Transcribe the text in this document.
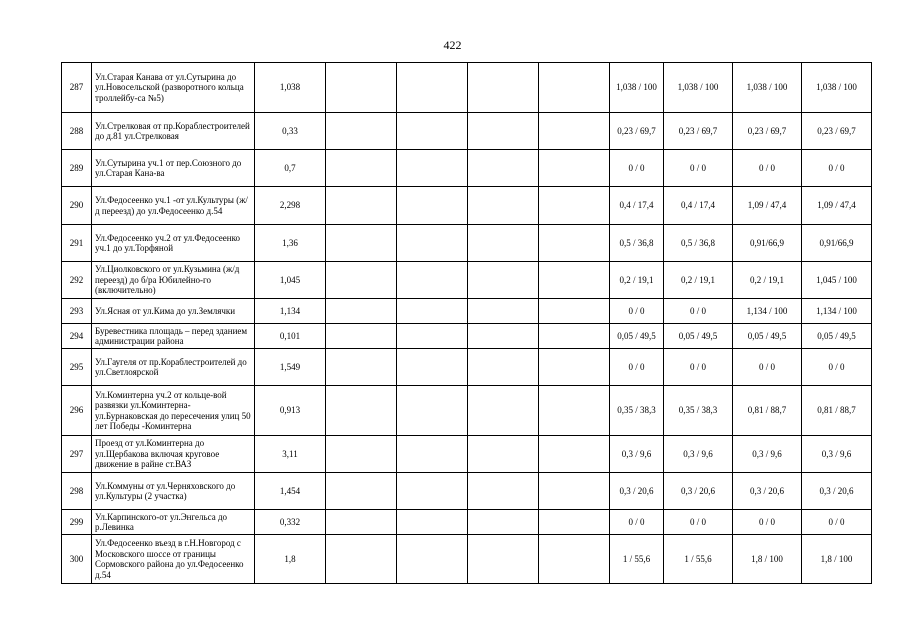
422
287	Ул.Старая Канава от ул.Сутырина до ул.Новосельской (разворотного кольца троллейбу-са №5)	1,038					1,038 / 100	1,038 / 100	1,038 / 100	1,038 / 100
288	Ул.Стрелковая от пр.Кораблестроителей до д.81 ул.Стрелковая	0,33					0,23 / 69,7	0,23 / 69,7	0,23 / 69,7	0,23 / 69,7
289	Ул.Сутырина уч.1 от пер.Союзного до ул.Старая Кана-ва	0,7					0 / 0	0 / 0	0 / 0	0 / 0
290	Ул.Федосеенко уч.1 -от ул.Культуры (ж/д переезд) до ул.Федосеенко д.54	2,298					0,4 / 17,4	0,4 / 17,4	1,09 / 47,4	1,09 / 47,4
291	Ул.Федосеенко уч.2 от ул.Федосеенко уч.1 до ул.Торфяной	1,36					0,5 / 36,8	0,5 / 36,8	0,91/66,9	0,91/66,9
292	Ул.Циолковского от ул.Кузьмина (ж/д переезд) до б/ра Юбилейно-го (включительно)	1,045					0,2 / 19,1	0,2 / 19,1	0,2 / 19,1	1,045 / 100
293	Ул.Ясная от ул.Кима до ул.Землячки	1,134					0 / 0	0 / 0	1,134 / 100	1,134 / 100
294	Буревестника площадь – перед зданием администрации района	0,101					0,05 / 49,5	0,05 / 49,5	0,05 / 49,5	0,05 / 49,5
295	Ул.Гаугеля от пр.Кораблестроителей до ул.Светлоярской	1,549					0 / 0	0 / 0	0 / 0	0 / 0
296	Ул.Коминтерна уч.2 от кольце-вой развязки ул.Коминтерна-ул.Бурнаковская до пересечения улиц 50 лет Победы -Коминтерна	0,913					0,35 / 38,3	0,35 / 38,3	0,81 / 88,7	0,81 / 88,7
297	Проезд от ул.Коминтерна до ул.Щербакова включая круговое движение в райне ст.ВАЗ	3,11					0,3 / 9,6	0,3 / 9,6	0,3 / 9,6	0,3 / 9,6
298	Ул.Коммуны от ул.Черняховского до ул.Культуры (2 участка)	1,454					0,3 / 20,6	0,3 / 20,6	0,3 / 20,6	0,3 / 20,6
299	Ул.Карпинского-от ул.Энгельса до р.Левинка	0,332					0 / 0	0 / 0	0 / 0	0 / 0
300	Ул.Федосеенко въезд в г.Н.Новгород с Московского шоссе от границы Сормовского района до ул.Федосеенко д.54	1,8					1 / 55,6	1 / 55,6	1,8 / 100	1,8 / 100
